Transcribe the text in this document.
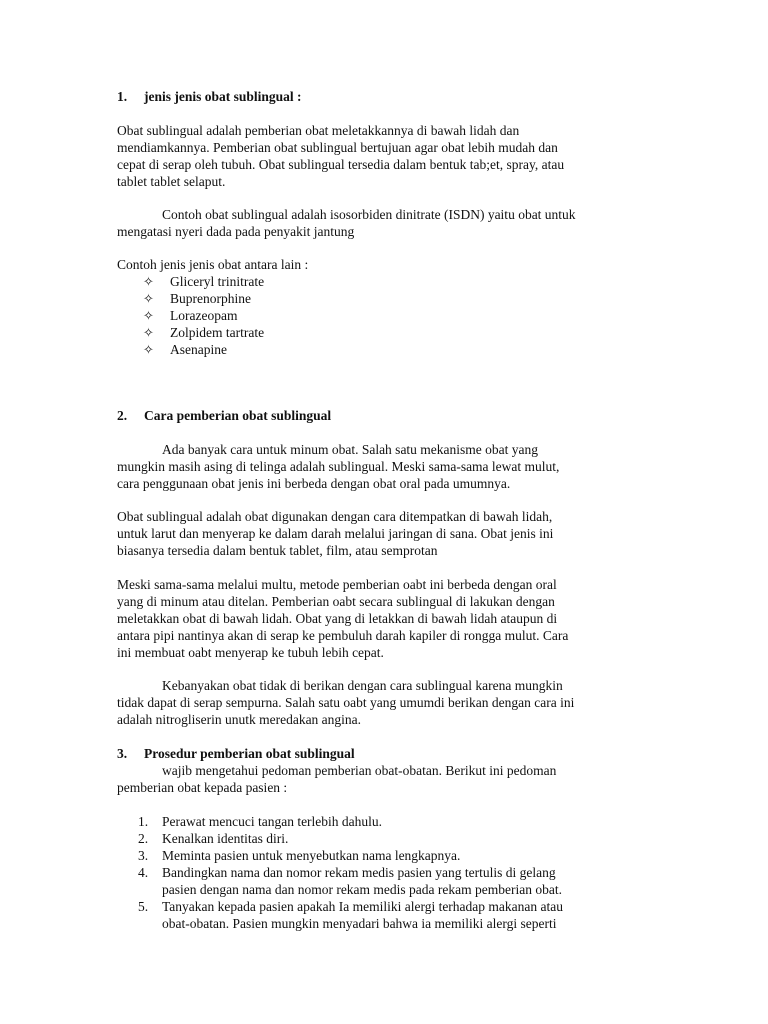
1. jenis jenis obat sublingual :
Obat sublingual adalah pemberian obat meletakkannya di bawah lidah dan
mendiamkannya. Pemberian obat sublingual bertujuan agar obat lebih mudah dan
cepat di serap oleh tubuh. Obat sublingual tersedia dalam bentuk tab;et, spray, atau
tablet tablet selaput.
Contoh obat sublingual adalah isosorbiden dinitrate (ISDN) yaitu obat untuk
mengatasi nyeri dada pada penyakit jantung
Contoh jenis jenis obat antara lain :
✧ Gliceryl trinitrate
✧ Buprenorphine
✧ Lorazeopam
✧ Zolpidem tartrate
✧ Asenapine
2. Cara pemberian obat sublingual
Ada banyak cara untuk minum obat. Salah satu mekanisme obat yang
mungkin masih asing di telinga adalah sublingual. Meski sama-sama lewat mulut,
cara penggunaan obat jenis ini berbeda dengan obat oral pada umumnya.
Obat sublingual adalah obat digunakan dengan cara ditempatkan di bawah lidah,
untuk larut dan menyerap ke dalam darah melalui jaringan di sana. Obat jenis ini
biasanya tersedia dalam bentuk tablet, film, atau semprotan
Meski sama-sama melalui multu, metode pemberian oabt ini berbeda dengan oral
yang di minum atau ditelan. Pemberian oabt secara sublingual di lakukan dengan
meletakkan obat di bawah lidah. Obat yang di letakkan di bawah lidah ataupun di
antara pipi nantinya akan di serap ke pembuluh darah kapiler di rongga mulut. Cara
ini membuat oabt menyerap ke tubuh lebih cepat.
Kebanyakan obat tidak di berikan dengan cara sublingual karena mungkin
tidak dapat di serap sempurna. Salah satu oabt yang umumdi berikan dengan cara ini
adalah nitrogliserin unutk meredakan angina.
3. Prosedur pemberian obat sublingual
wajib mengetahui pedoman pemberian obat-obatan. Berikut ini pedoman
pemberian obat kepada pasien :
1. Perawat mencuci tangan terlebih dahulu.
2. Kenalkan identitas diri.
3. Meminta pasien untuk menyebutkan nama lengkapnya.
4. Bandingkan nama dan nomor rekam medis pasien yang tertulis di gelang
pasien dengan nama dan nomor rekam medis pada rekam pemberian obat.
5. Tanyakan kepada pasien apakah Ia memiliki alergi terhadap makanan atau
obat-obatan. Pasien mungkin menyadari bahwa ia memiliki alergi seperti
